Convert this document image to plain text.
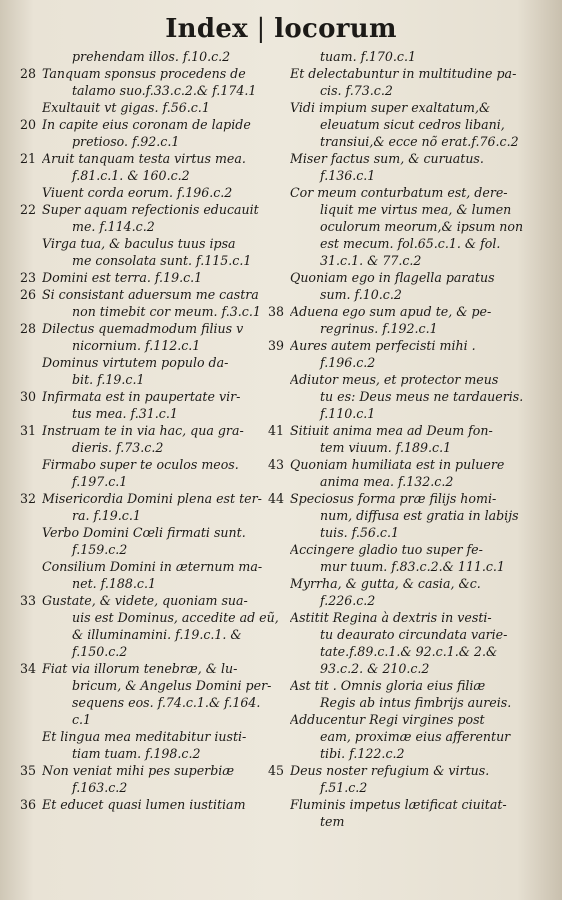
Index | locorum
prehendam illos. f.10.c.2
28 Tanquam sponsus procedens de
talamo suo.f.33.c.2.& f.174.1
Exultauit vt gigas. f.56.c.1
20 In capite eius coronam de lapide
pretioso. f.92.c.1
21 Aruit tanquam testa virtus mea.
f.81.c.1. & 160.c.2
Viuent corda eorum. f.196.c.2
22 Super aquam refectionis educauit
me. f.114.c.2
Virga tua, & baculus tuus ipsa
me consolata sunt. f.115.c.1
23 Domini est terra. f.19.c.1
26 Si consistant aduersum me castra
non timebit cor meum. f.3.c.1
28 Dilectus quemadmodum filius v
nicornium. f.112.c.1
Dominus virtutem populo da-
bit. f.19.c.1
30 Infirmata est in paupertate vir-
tus mea. f.31.c.1
31 Instruam te in via hac, qua gra-
dieris. f.73.c.2
Firmabo super te oculos meos.
f.197.c.1
32 Misericordia Domini plena est ter-
ra. f.19.c.1
Verbo Domini Cœli firmati sunt.
f.159.c.2
Consilium Domini in æternum ma-
net. f.188.c.1
33 Gustate, & videte, quoniam sua-
uis est Dominus, accedite ad eũ,
& illuminamini. f.19.c.1. &
f.150.c.2
34 Fiat via illorum tenebræ, & lu-
bricum, & Angelus Domini per-
sequens eos. f.74.c.1.& f.164.
c.1
Et lingua mea meditabitur iusti-
tiam tuam. f.198.c.2
35 Non veniat mihi pes superbiæ
f.163.c.2
36 Et educet quasi lumen iustitiam
tuam. f.170.c.1
Et delectabuntur in multitudine pa-
cis. f.73.c.2
Vidi impium super exaltatum,&
eleuatum sicut cedros libani,
transiui,& ecce nõ erat.f.76.c.2
Miser factus sum, & curuatus.
f.136.c.1
Cor meum conturbatum est, dere-
liquit me virtus mea, & lumen
oculorum meorum,& ipsum non
est mecum. fol.65.c.1. & fol.
31.c.1. & 77.c.2
Quoniam ego in flagella paratus
sum. f.10.c.2
38 Aduena ego sum apud te, & pe-
regrinus. f.192.c.1
39 Aures autem perfecisti mihi .
f.196.c.2
Adiutor meus, et protector meus
tu es: Deus meus ne tardaueris.
f.110.c.1
41 Sitiuit anima mea ad Deum fon-
tem viuum. f.189.c.1
43 Quoniam humiliata est in puluere
anima mea. f.132.c.2
44 Speciosus forma præ filijs homi-
num, diffusa est gratia in labijs
tuis. f.56.c.1
Accingere gladio tuo super fe-
mur tuum. f.83.c.2.& 111.c.1
Myrrha, & gutta, & casia, &c.
f.226.c.2
Astitit Regina à dextris in vesti-
tu deaurato circundata varie-
tate.f.89.c.1.& 92.c.1.& 2.&
93.c.2. & 210.c.2
Ast tit . Omnis gloria eius filiæ
Regis ab intus fimbrijs aureis.
Adducentur Regi virgines post
eam, proximæ eius afferentur
tibi. f.122.c.2
45 Deus noster refugium & virtus.
f.51.c.2
Fluminis impetus lætificat ciuitat-
tem
